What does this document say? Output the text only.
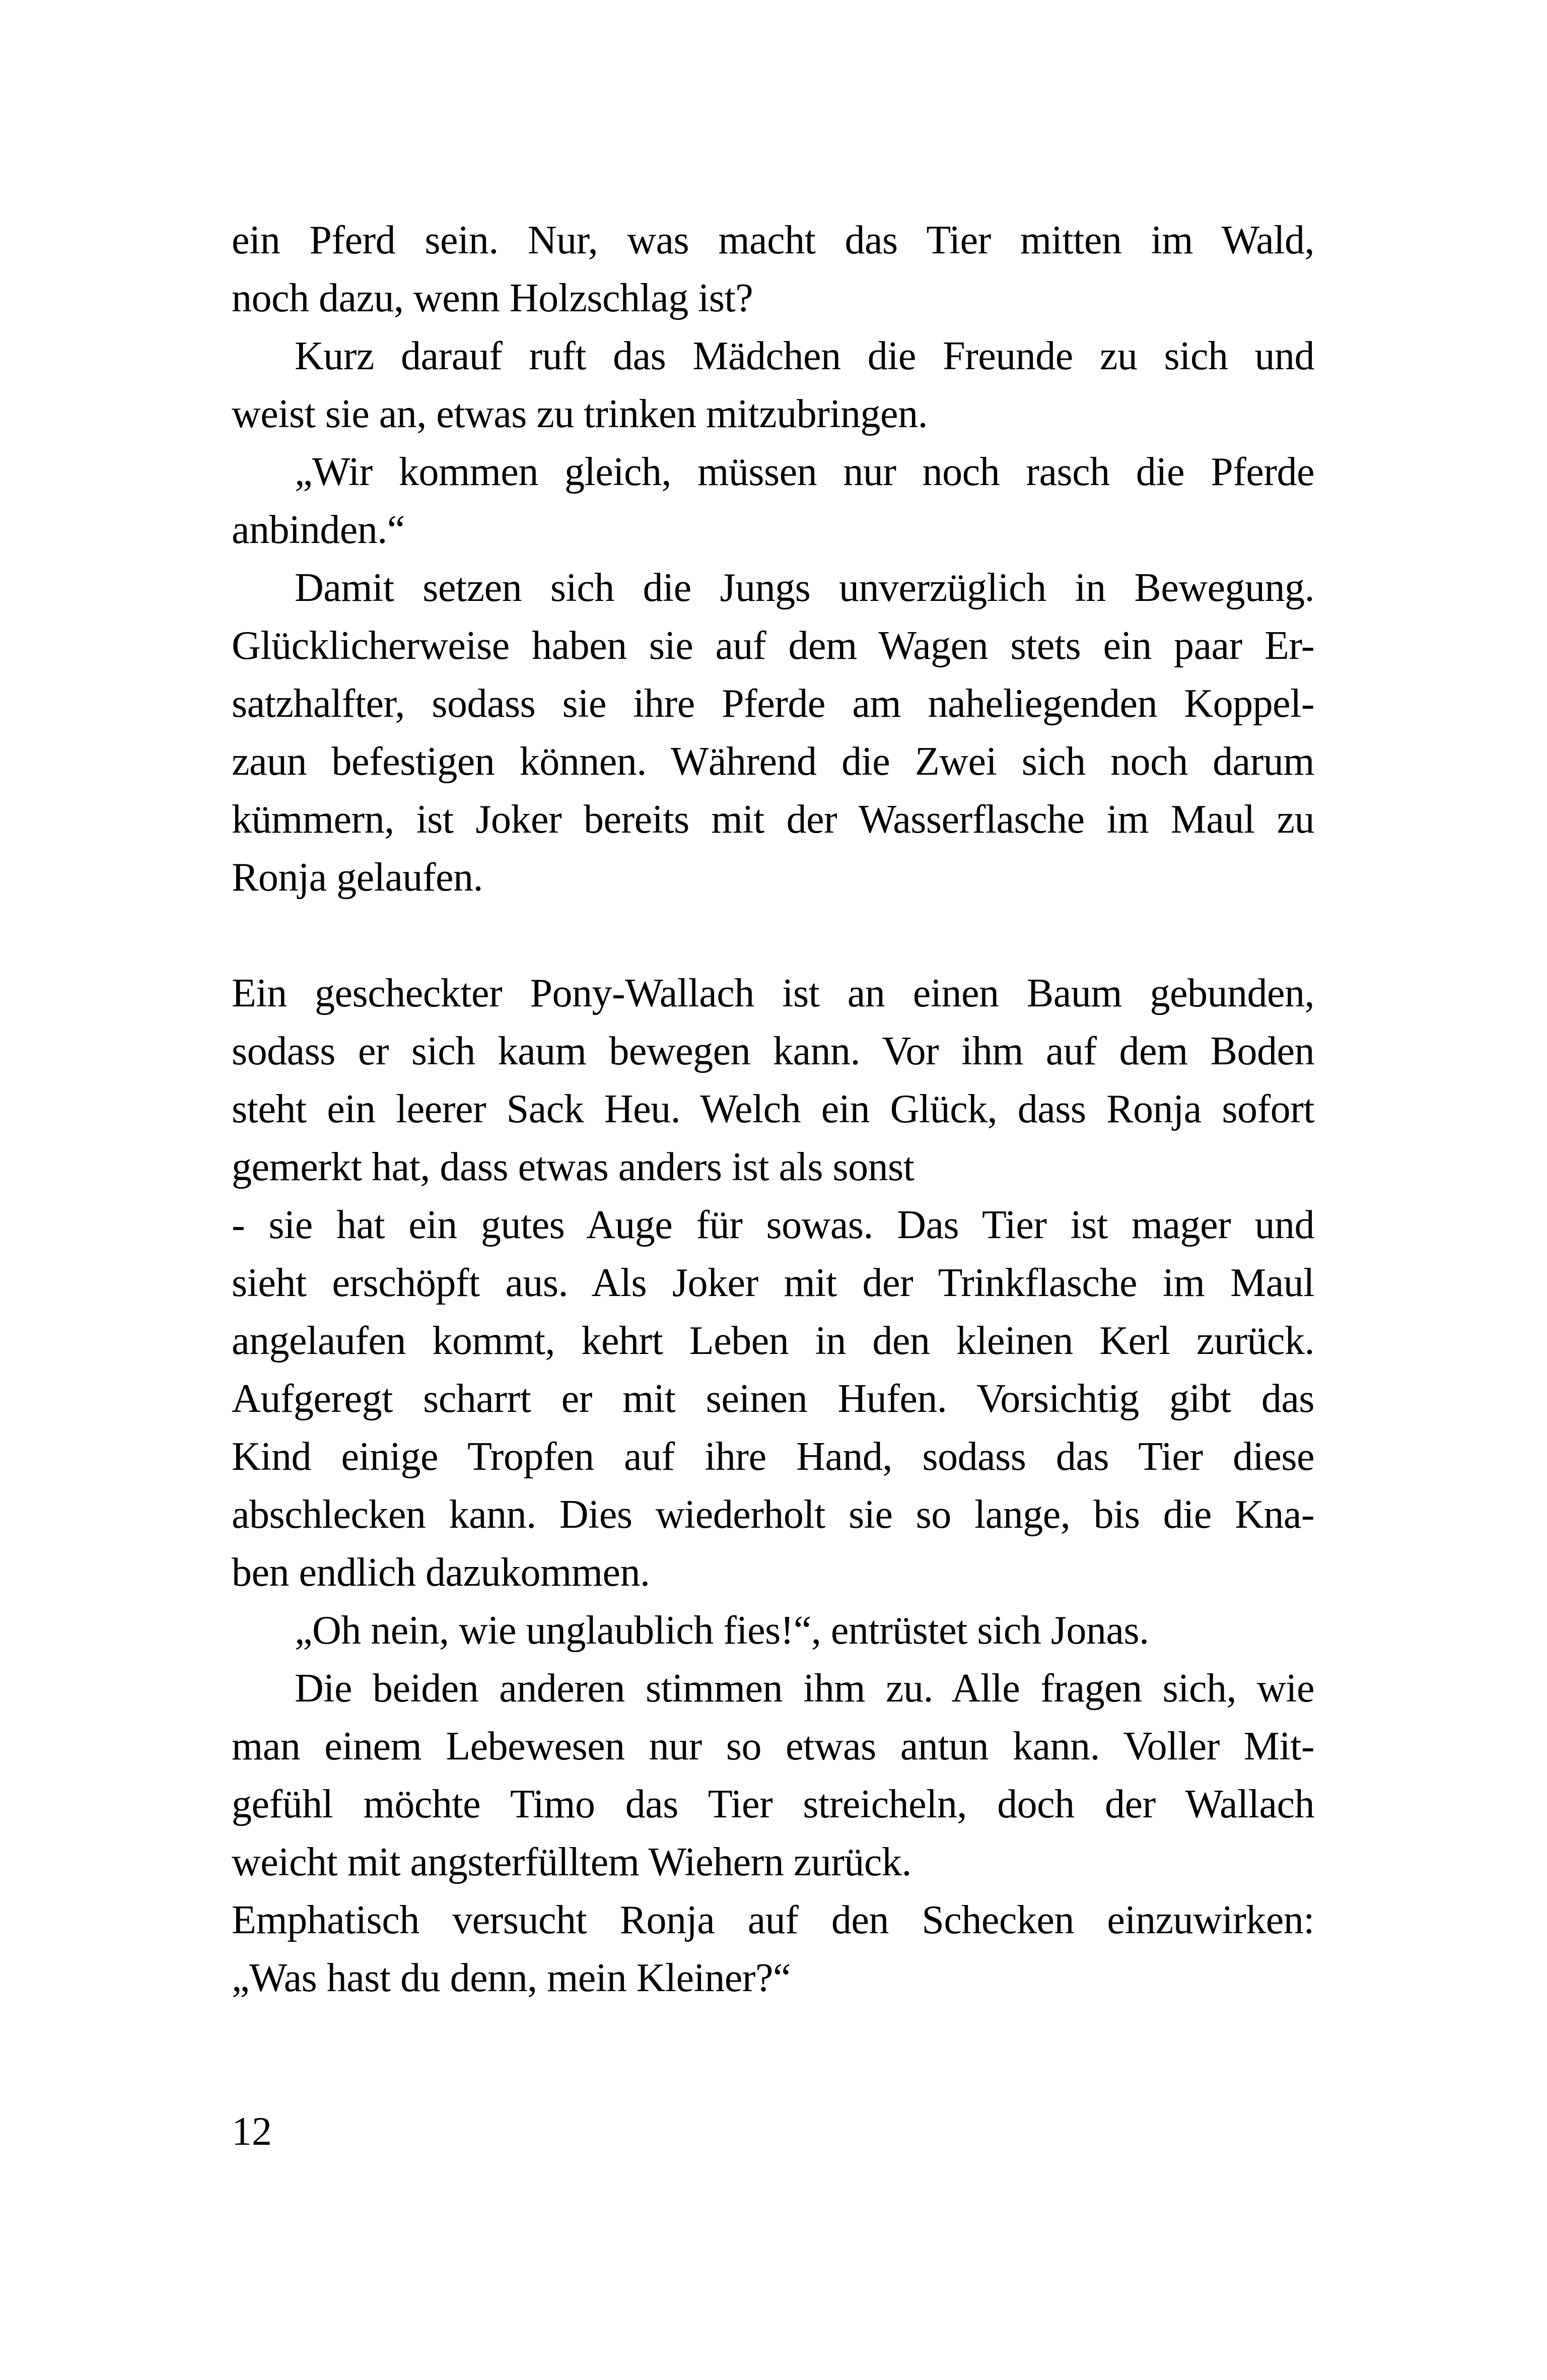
ein Pferd sein. Nur, was macht das Tier mitten im Wald,
noch dazu, wenn Holzschlag ist?
Kurz darauf ruft das Mädchen die Freunde zu sich und
weist sie an, etwas zu trinken mitzubringen.
„Wir kommen gleich, müssen nur noch rasch die Pferde
anbinden.“
Damit setzen sich die Jungs unverzüglich in Bewegung.
Glücklicherweise haben sie auf dem Wagen stets ein paar Er-
satzhalfter, sodass sie ihre Pferde am naheliegenden Koppel-
zaun befestigen können. Während die Zwei sich noch darum
kümmern, ist Joker bereits mit der Wasserflasche im Maul zu
Ronja gelaufen.
Ein gescheckter Pony-Wallach ist an einen Baum gebunden,
sodass er sich kaum bewegen kann. Vor ihm auf dem Boden
steht ein leerer Sack Heu. Welch ein Glück, dass Ronja sofort
gemerkt hat, dass etwas anders ist als sonst
- sie hat ein gutes Auge für sowas. Das Tier ist mager und
sieht erschöpft aus. Als Joker mit der Trinkflasche im Maul
angelaufen kommt, kehrt Leben in den kleinen Kerl zurück.
Aufgeregt scharrt er mit seinen Hufen. Vorsichtig gibt das
Kind einige Tropfen auf ihre Hand, sodass das Tier diese
abschlecken kann. Dies wiederholt sie so lange, bis die Kna-
ben endlich dazukommen.
„Oh nein, wie unglaublich fies!“, entrüstet sich Jonas.
Die beiden anderen stimmen ihm zu. Alle fragen sich, wie
man einem Lebewesen nur so etwas antun kann. Voller Mit-
gefühl möchte Timo das Tier streicheln, doch der Wallach
weicht mit angsterfülltem Wiehern zurück.
Emphatisch versucht Ronja auf den Schecken einzuwirken:
„Was hast du denn, mein Kleiner?“
12
